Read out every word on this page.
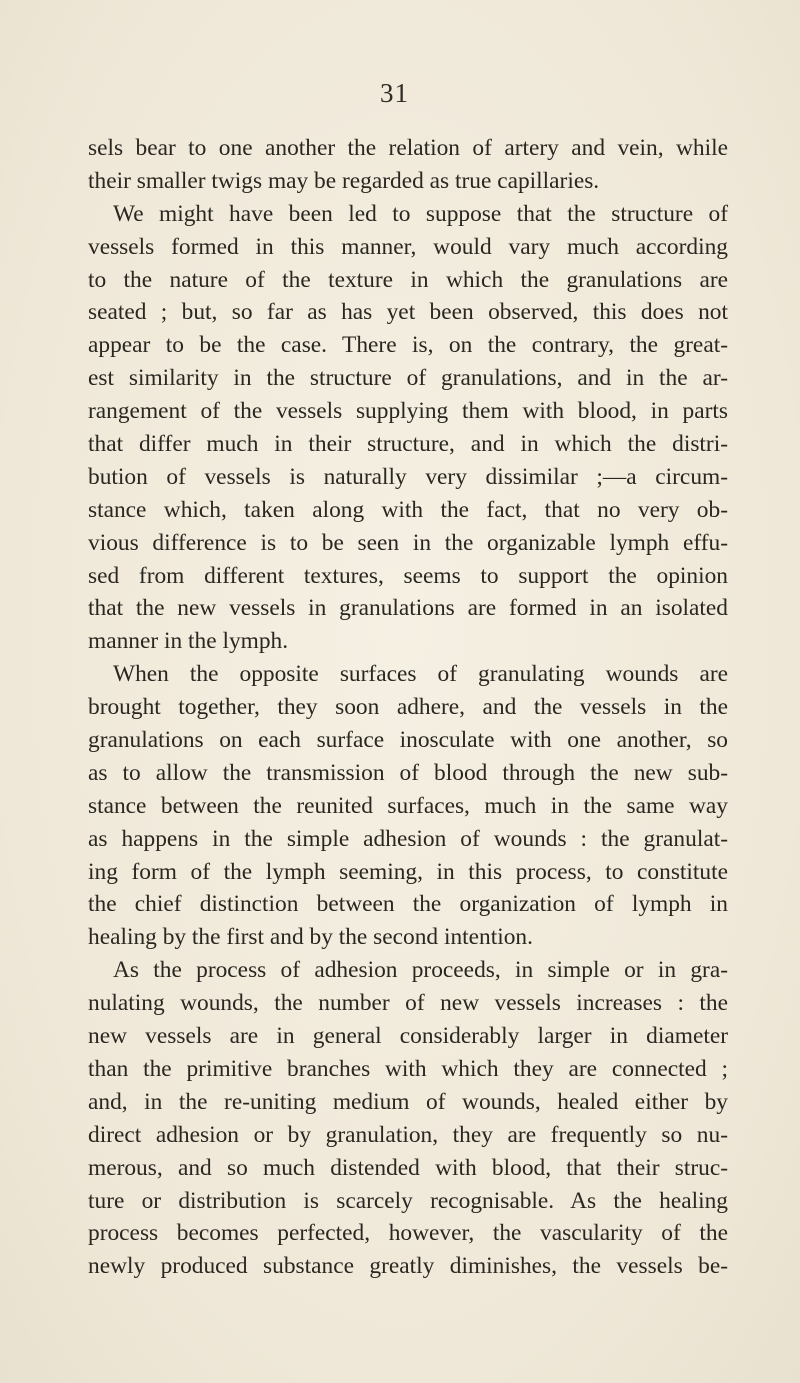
31
sels bear to one another the relation of artery and vein, while
their smaller twigs may be regarded as true capillaries.
We might have been led to suppose that the structure of
vessels formed in this manner, would vary much according
to the nature of the texture in which the granulations are
seated ; but, so far as has yet been observed, this does not
appear to be the case. There is, on the contrary, the great-
est similarity in the structure of granulations, and in the ar-
rangement of the vessels supplying them with blood, in parts
that differ much in their structure, and in which the distri-
bution of vessels is naturally very dissimilar ;—a circum-
stance which, taken along with the fact, that no very ob-
vious difference is to be seen in the organizable lymph effu-
sed from different textures, seems to support the opinion
that the new vessels in granulations are formed in an isolated
manner in the lymph.
When the opposite surfaces of granulating wounds are
brought together, they soon adhere, and the vessels in the
granulations on each surface inosculate with one another, so
as to allow the transmission of blood through the new sub-
stance between the reunited surfaces, much in the same way
as happens in the simple adhesion of wounds : the granulat-
ing form of the lymph seeming, in this process, to constitute
the chief distinction between the organization of lymph in
healing by the first and by the second intention.
As the process of adhesion proceeds, in simple or in gra-
nulating wounds, the number of new vessels increases : the
new vessels are in general considerably larger in diameter
than the primitive branches with which they are connected ;
and, in the re-uniting medium of wounds, healed either by
direct adhesion or by granulation, they are frequently so nu-
merous, and so much distended with blood, that their struc-
ture or distribution is scarcely recognisable. As the healing
process becomes perfected, however, the vascularity of the
newly produced substance greatly diminishes, the vessels be-
